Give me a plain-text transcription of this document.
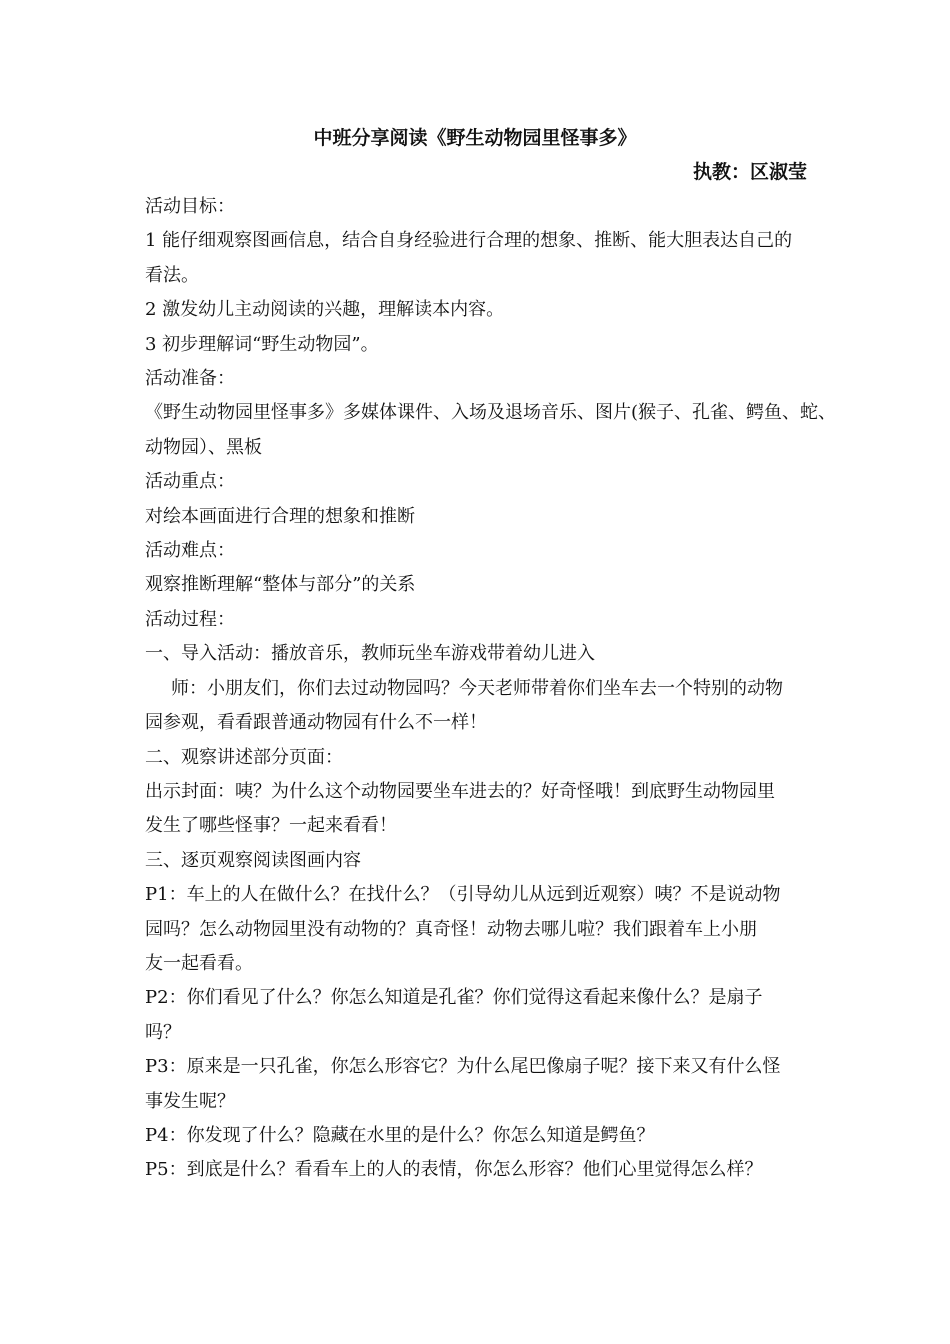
中班分享阅读《野生动物园里怪事多》
执教：区淑莹
活动目标：
1 能仔细观察图画信息，结合自身经验进行合理的想象、推断、能大胆表达自己的
看法。
2 激发幼儿主动阅读的兴趣，理解读本内容。
3 初步理解词“野生动物园”。
活动准备：
《野生动物园里怪事多》多媒体课件、入场及退场音乐、图片(猴子、孔雀、鳄鱼、蛇、
动物园）、黑板
活动重点：
对绘本画面进行合理的想象和推断
活动难点：
观察推断理解“整体与部分”的关系
活动过程：
一、导入活动：播放音乐，教师玩坐车游戏带着幼儿进入
师：小朋友们，你们去过动物园吗？今天老师带着你们坐车去一个特别的动物
园参观，看看跟普通动物园有什么不一样！
二、观察讲述部分页面：
出示封面：咦？为什么这个动物园要坐车进去的？好奇怪哦！到底野生动物园里
发生了哪些怪事？一起来看看！
三、逐页观察阅读图画内容
P1：车上的人在做什么？在找什么？（引导幼儿从远到近观察）咦？不是说动物
园吗？怎么动物园里没有动物的？真奇怪！动物去哪儿啦？我们跟着车上小朋
友一起看看。
P2：你们看见了什么？你怎么知道是孔雀？你们觉得这看起来像什么？是扇子
吗？
P3：原来是一只孔雀，你怎么形容它？为什么尾巴像扇子呢？接下来又有什么怪
事发生呢？
P4：你发现了什么？隐藏在水里的是什么？你怎么知道是鳄鱼？
P5：到底是什么？看看车上的人的表情，你怎么形容？他们心里觉得怎么样？
